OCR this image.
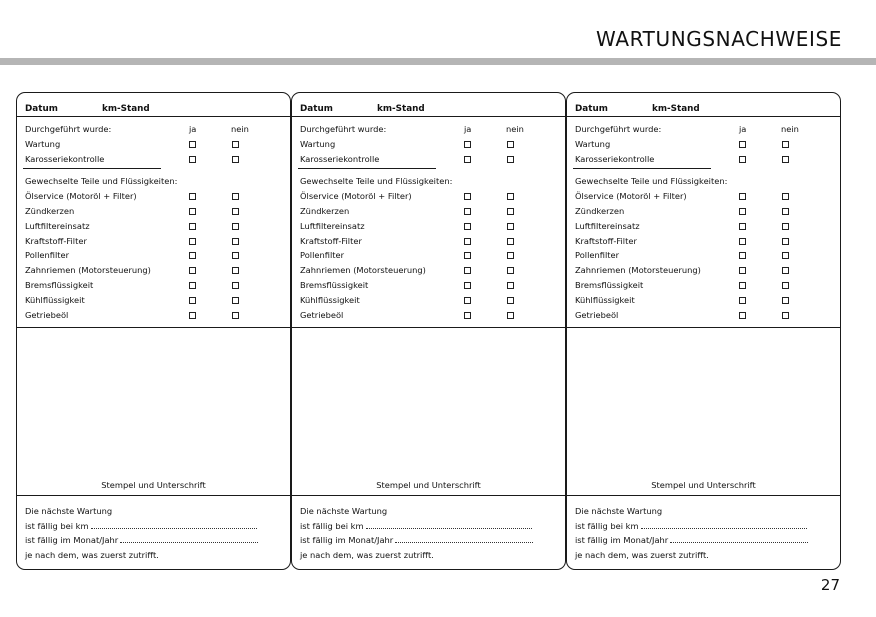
WARTUNGSNACHWEISE
Datum	km-Stand
Durchgeführt wurde:	ja	nein
Wartung
Karosseriekontrolle
Gewechselte Teile und Flüssigkeiten:
Ölservice (Motoröl + Filter)
Zündkerzen
Luftfiltereinsatz
Kraftstoff-Filter
Pollenfilter
Zahnriemen (Motorsteuerung)
Bremsflüssigkeit
Kühlflüssigkeit
Getriebeöl
Stempel und Unterschrift
Die nächste Wartung
ist fällig bei km
ist fällig im Monat/Jahr
je nach dem, was zuerst zutrifft.
Datum	km-Stand
Durchgeführt wurde:	ja	nein
Wartung
Karosseriekontrolle
Gewechselte Teile und Flüssigkeiten:
Ölservice (Motoröl + Filter)
Zündkerzen
Luftfiltereinsatz
Kraftstoff-Filter
Pollenfilter
Zahnriemen (Motorsteuerung)
Bremsflüssigkeit
Kühlflüssigkeit
Getriebeöl
Stempel und Unterschrift
Die nächste Wartung
ist fällig bei km
ist fällig im Monat/Jahr
je nach dem, was zuerst zutrifft.
Datum	km-Stand
Durchgeführt wurde:	ja	nein
Wartung
Karosseriekontrolle
Gewechselte Teile und Flüssigkeiten:
Ölservice (Motoröl + Filter)
Zündkerzen
Luftfiltereinsatz
Kraftstoff-Filter
Pollenfilter
Zahnriemen (Motorsteuerung)
Bremsflüssigkeit
Kühlflüssigkeit
Getriebeöl
Stempel und Unterschrift
Die nächste Wartung
ist fällig bei km
ist fällig im Monat/Jahr
je nach dem, was zuerst zutrifft.
27
